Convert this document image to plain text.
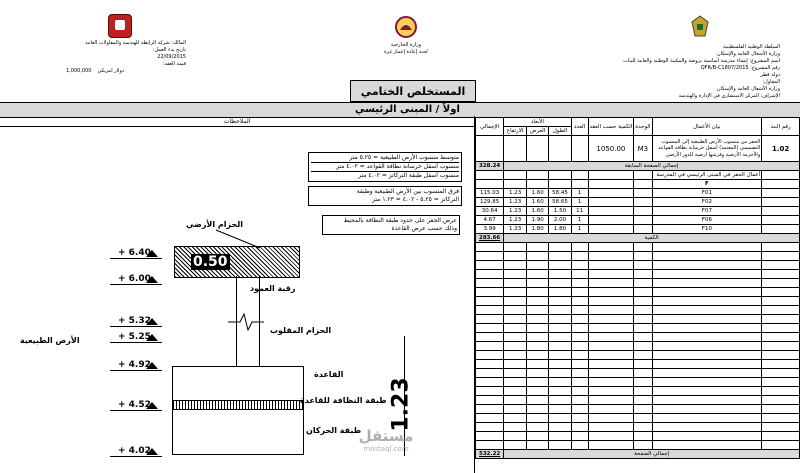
المالك: شركة الرابطة للهندسة والمقاولات العامة
تاريخ بدء العمل:
22/09/2015
قيمة العقد:
دولار امريكي
1,000,000
وزارة الخارجية
لجنة إعادة إعمار غزة
السلطة الوطنية الفلسطينية
وزارة الأشغال العامة والإسكان
اسم المشروع: إنشاء مدرسة أساسية بروضة والمكتبة الوطنية والعامة للبنات
رقم المشروع: QFR/B-C1807/2015
دولة قطر
المقاول:
وزارة الأشغال العامة والإسكان
الإشراف: المركز الاستشاري في الإدارة والهندسة
المستخلص الختامي
اولاً / المبنى الرئيسي
الملاحظات
الإجمالي	الأبعاد			العدد	الكمية حسب العقد	الوحدة	بيان الأعمال	رقم البند
	الارتفاع	العرض	الطول					
					1050.00	M3	الحفر من منسوب الأرض الطبيعية إلى المنسوب
التصميمي (المعتمد) أسفل خرسانة نظافة القواعد
والأحزمة الأرضية وفرشها أرضية للدور الأرضي	1.02
328.24	إجمالي الصفحة السابقة							
							أعمال الحفر في المبنى الرئيسي في المدرسة	
							F	
115.03	1.23	1.60	58.45	1			F01	
129.85	1.23	1.60	58.65	1			F02	
30.64	1.23	1.60	1.50	11			F07	
4.67	1.23	1.90	2.00	1			F06	
3.99	1.23	1.80	1.80	1			F10	
283.66	الكمية							

532.22	إجمالي الصفحة							
متوسط منسوب الأرض الطبيعية = ٥.٢٥ متر
منسوب أسفل خرسانة نظافة القواعد = ٤.٠٢ متر
منسوب أسفل طبقة التركاتز = ٤.٠٢ متر
فرق المنسوب بين الأرض الطبيعية وطبقة
التركاتز = ٥.٢٥ - ٤.٠٢ = ١.٢٣ متر
عرض الحفر على حدود طبقة النظافة بالمحيط
وذلك حسب عرض القاعدة
+ 6.40
+ 6.00
+ 5.32
+ 5.25
+ 4.92
+ 4.52
+ 4.02
0.50
1.23
الحزام الأرضي
رقبة العمود
الحزام المقلوب
الأرض الطبيعية
القاعدة
طبقة النظافة للقاعدة
طبقة الحركان
مستقل
mostaql.com
